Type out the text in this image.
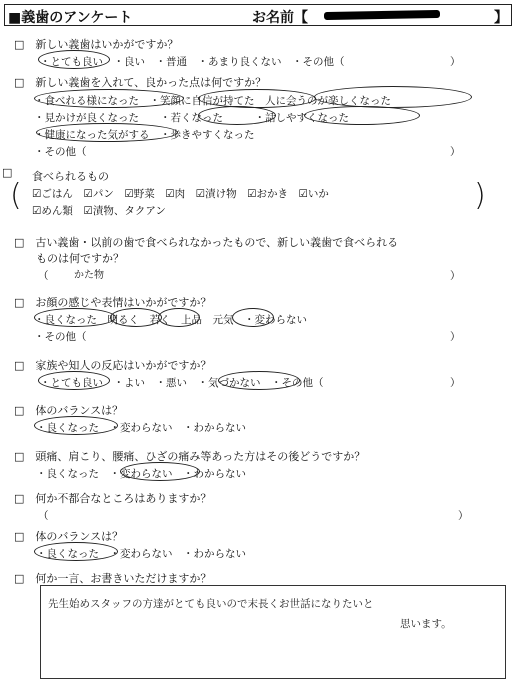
■義歯のアンケート	お名前【	】
□　新しい義歯はいかがですか？
・とても良い　・良い　・普通　・あまり良くない　・その他（	）
□　新しい義歯を入れて、良かった点は何ですか？
・食べれる様になった　・笑顔に自信が持てた　人に会うのが楽しくなった
・見かけが良くなった　　・若くなった　　　・話しやすくなった
・健康になった気がする　・歩きやすくなった
・その他（	）
□ 食べられるもの
( ☑ごはん　☑パン　☑野菜　☑肉　☑漬け物　☑おかき　☑いか
☑めん類　☑漬物、タクアン	)
□　古い義歯・以前の歯で食べられなかったもので、新しい義歯で食べられる
ものは何ですか？
（	かた物	）
□　お顔の感じや表情はいかがですか？
・良くなった　明るく　若く　上品　元気　・変わらない
・その他（	）
□　家族や知人の反応はいかがですか？
・とても良い　・よい　・悪い　・気づかない　・その他（	）
□　体のバランスは？
・良くなった　・変わらない　・わからない
□　頭痛、肩こり、腰痛、ひざの痛み等あった方はその後どうですか？
・良くなった　・変わらない　・わからない
□　何か不都合なところはありますか？
（	）
□　体のバランスは？
・良くなった　・変わらない　・わからない
□　何か一言、お書きいただけますか？
先生始めスタッフの方達がとても良いので末長くお世話になりたいと
思います。
